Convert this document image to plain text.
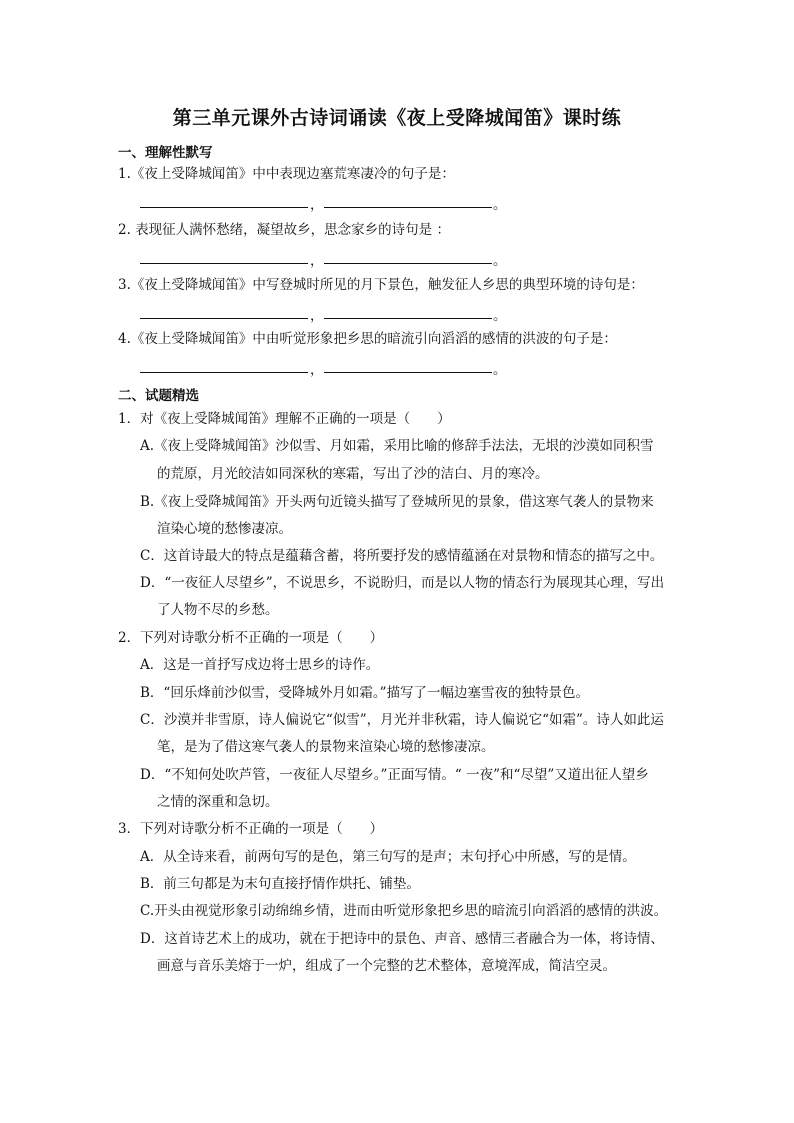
第三单元课外古诗词诵读《夜上受降城闻笛》课时练
一、理解性默写
1.《夜上受降城闻笛》中中表现边塞荒寒凄冷的句子是：
，	。
2. 表现征人满怀愁绪，凝望故乡，思念家乡的诗句是 ：
，	。
3.《夜上受降城闻笛》中写登城时所见的月下景色，触发征人乡思的典型环境的诗句是：
，	。
4.《夜上受降城闻笛》中由听觉形象把乡思的暗流引向滔滔的感情的洪波的句子是：
，	。
二、试题精选
1．对《夜上受降城闻笛》理解不正确的一项是（　　）
A.《夜上受降城闻笛》沙似雪、月如霜，采用比喻的修辞手法法，无垠的沙漠如同积雪
的荒原，月光皎洁如同深秋的寒霜，写出了沙的洁白、月的寒冷。
B.《夜上受降城闻笛》开头两句近镜头描写了登城所见的景象，借这寒气袭人的景物来
渲染心境的愁惨凄凉。
C．这首诗最大的特点是蕴藉含蓄，将所要抒发的感情蕴涵在对景物和情态的描写之中。
D．“一夜征人尽望乡”，不说思乡，不说盼归，而是以人物的情态行为展现其心理，写出
了人物不尽的乡愁。
2．下列对诗歌分析不正确的一项是（　　）
A．这是一首抒写戍边将士思乡的诗作。
B．“回乐烽前沙似雪，受降城外月如霜。”描写了一幅边塞雪夜的独特景色。
C．沙漠并非雪原，诗人偏说它“似雪”，月光并非秋霜，诗人偏说它“如霜”。诗人如此运
笔，是为了借这寒气袭人的景物来渲染心境的愁惨凄凉。
D．“不知何处吹芦管，一夜征人尽望乡。”正面写情。“ 一夜”和“尽望”又道出征人望乡
之情的深重和急切。
3．下列对诗歌分析不正确的一项是（　　）
A．从全诗来看，前两句写的是色，第三句写的是声；末句抒心中所感，写的是情。
B．前三句都是为末句直接抒情作烘托、铺垫。
C.开头由视觉形象引动绵绵乡情，进而由听觉形象把乡思的暗流引向滔滔的感情的洪波。
D．这首诗艺术上的成功，就在于把诗中的景色、声音、感情三者融合为一体，将诗情、
画意与音乐美熔于一炉，组成了一个完整的艺术整体，意境浑成，简洁空灵。
